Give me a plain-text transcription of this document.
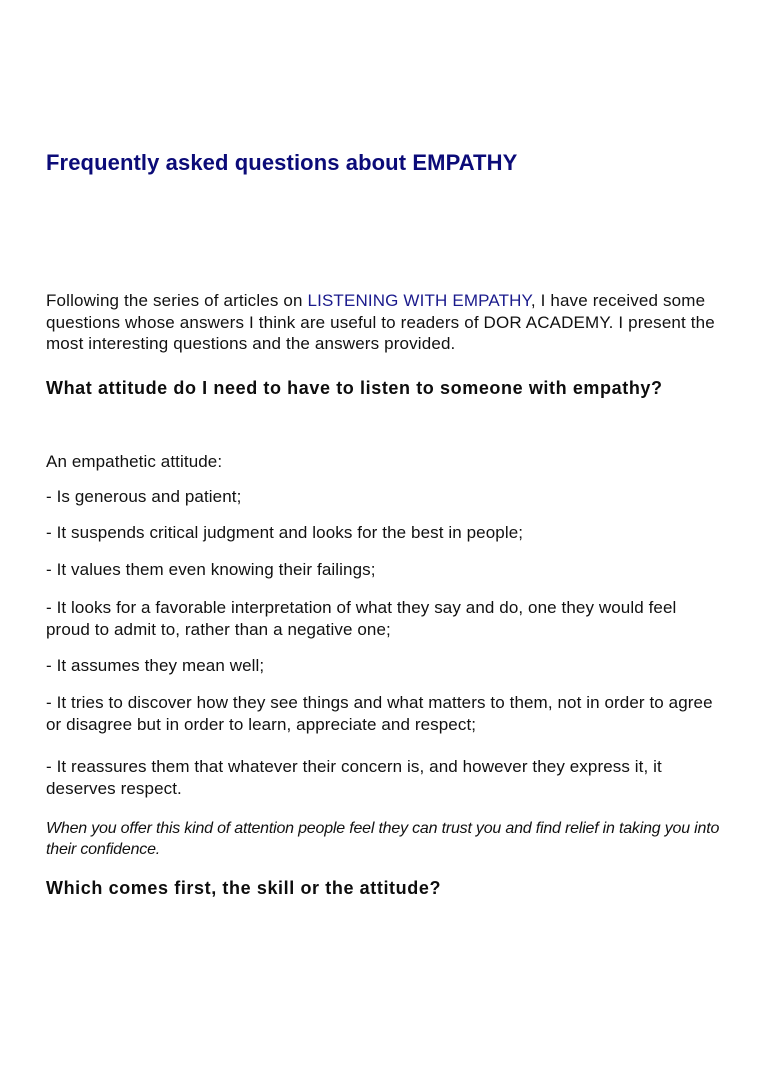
Frequently asked questions about EMPATHY

Following the series of articles on LISTENING WITH EMPATHY, I have received some questions whose answers I think are useful to readers of DOR ACADEMY. I present the most interesting questions and the answers provided.

What attitude do I need to have to listen to someone with empathy?

An empathetic attitude:

- Is generous and patient;

- It suspends critical judgment and looks for the best in people;

- It values them even knowing their failings;

- It looks for a favorable interpretation of what they say and do, one they would feel proud to admit to, rather than a negative one;

- It assumes they mean well;

- It tries to discover how they see things and what matters to them, not in order to agree or disagree but in order to learn, appreciate and respect;

- It reassures them that whatever their concern is, and however they express it, it deserves respect.

When you offer this kind of attention people feel they can trust you and find relief in taking you into their confidence.

Which comes first, the skill or the attitude?
